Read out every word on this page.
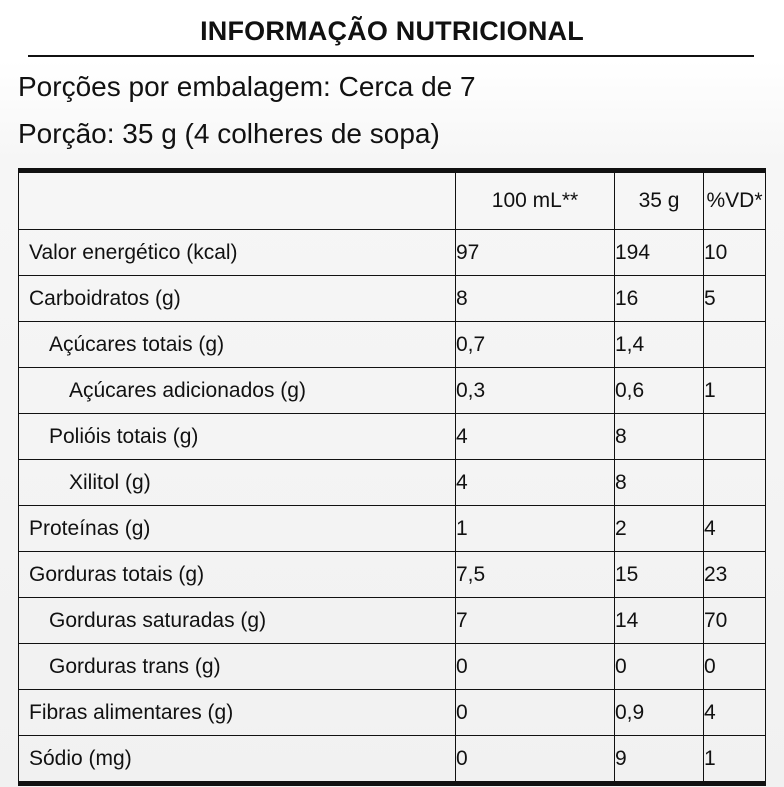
INFORMAÇÃO NUTRICIONAL
Porções por embalagem: Cerca de 7
Porção: 35 g (4 colheres de sopa)
	100 mL**	35 g	%VD*
Valor energético (kcal)	97	194	10
Carboidratos (g)	8	16	5
Açúcares totais (g)	0,7	1,4	
Açúcares adicionados (g)	0,3	0,6	1
Polióis totais (g)	4	8	
Xilitol (g)	4	8	
Proteínas (g)	1	2	4
Gorduras totais (g)	7,5	15	23
Gorduras saturadas (g)	7	14	70
Gorduras trans (g)	0	0	0
Fibras alimentares (g)	0	0,9	4
Sódio (mg)	0	9	1
